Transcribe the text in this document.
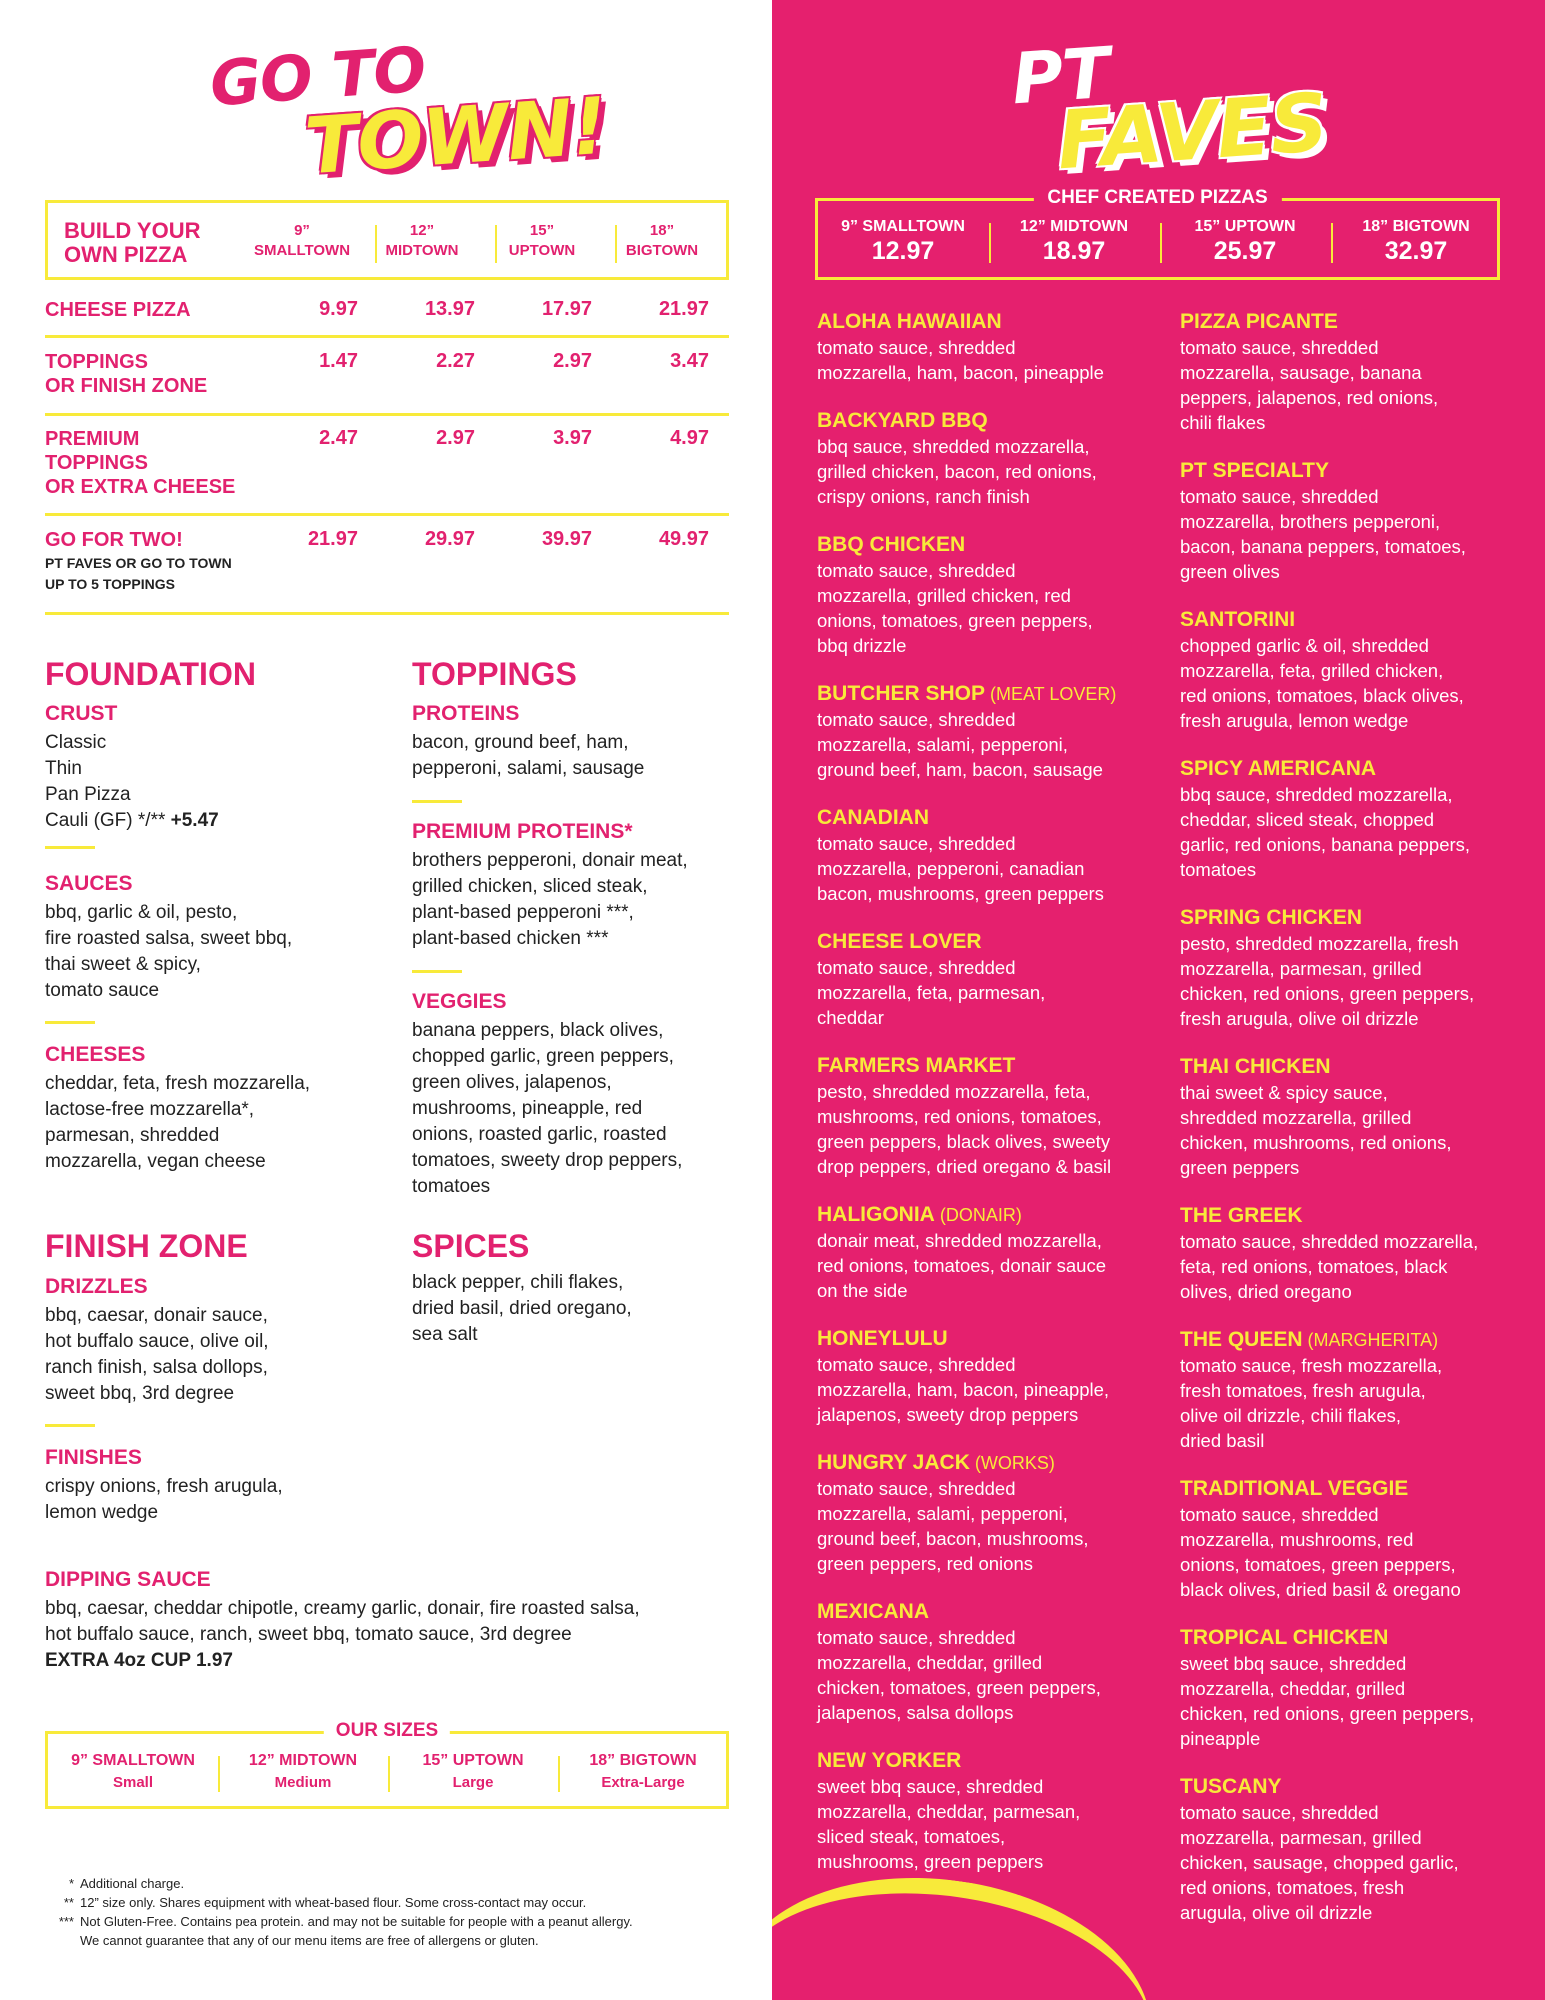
GO TO
TOWN!
BUILD YOUR
OWN PIZZA
9”
SMALLTOWN
12”
MIDTOWN
15”
UPTOWN
18”
BIGTOWN
CHEESE PIZZA	9.97	13.97	17.97	21.97
TOPPINGS
OR FINISH ZONE
1.47	2.27	2.97	3.47
PREMIUM
TOPPINGS
OR EXTRA CHEESE
2.47	2.97	3.97	4.97
GO FOR TWO!
PT FAVES OR GO TO TOWN
UP TO 5 TOPPINGS
21.97	29.97	39.97	49.97
FOUNDATION
CRUST
Classic
Thin
Pan Pizza
Cauli (GF) */** +5.47
SAUCES
bbq, garlic & oil, pesto,
fire roasted salsa, sweet bbq,
thai sweet & spicy,
tomato sauce
CHEESES
cheddar, feta, fresh mozzarella,
lactose-free mozzarella*,
parmesan, shredded
mozzarella, vegan cheese
TOPPINGS
PROTEINS
bacon, ground beef, ham,
pepperoni, salami, sausage
PREMIUM PROTEINS*
brothers pepperoni, donair meat,
grilled chicken, sliced steak,
plant-based pepperoni ***,
plant-based chicken ***
VEGGIES
banana peppers, black olives,
chopped garlic, green peppers,
green olives, jalapenos,
mushrooms, pineapple, red
onions, roasted garlic, roasted
tomatoes, sweety drop peppers,
tomatoes
FINISH ZONE
DRIZZLES
bbq, caesar, donair sauce,
hot buffalo sauce, olive oil,
ranch finish, salsa dollops,
sweet bbq, 3rd degree
FINISHES
crispy onions, fresh arugula,
lemon wedge
SPICES
black pepper, chili flakes,
dried basil, dried oregano,
sea salt
DIPPING SAUCE
bbq, caesar, cheddar chipotle, creamy garlic, donair, fire roasted salsa,
hot buffalo sauce, ranch, sweet bbq, tomato sauce, 3rd degree
EXTRA 4oz CUP 1.97
OUR SIZES
9” SMALLTOWN
Small
12” MIDTOWN
Medium
15” UPTOWN
Large
18” BIGTOWN
Extra-Large
* Additional charge.
** 12” size only. Shares equipment with wheat-based flour. Some cross-contact may occur.
*** Not Gluten-Free. Contains pea protein. and may not be suitable for people with a peanut allergy.
We cannot guarantee that any of our menu items are free of allergens or gluten.
PT
FAVES
CHEF CREATED PIZZAS
9” SMALLTOWN
12.97
12” MIDTOWN
18.97
15” UPTOWN
25.97
18” BIGTOWN
32.97
ALOHA HAWAIIAN
tomato sauce, shredded
mozzarella, ham, bacon, pineapple
BACKYARD BBQ
bbq sauce, shredded mozzarella,
grilled chicken, bacon, red onions,
crispy onions, ranch finish
BBQ CHICKEN
tomato sauce, shredded
mozzarella, grilled chicken, red
onions, tomatoes, green peppers,
bbq drizzle
BUTCHER SHOP (MEAT LOVER)
tomato sauce, shredded
mozzarella, salami, pepperoni,
ground beef, ham, bacon, sausage
CANADIAN
tomato sauce, shredded
mozzarella, pepperoni, canadian
bacon, mushrooms, green peppers
CHEESE LOVER
tomato sauce, shredded
mozzarella, feta, parmesan,
cheddar
FARMERS MARKET
pesto, shredded mozzarella, feta,
mushrooms, red onions, tomatoes,
green peppers, black olives, sweety
drop peppers, dried oregano & basil
HALIGONIA (DONAIR)
donair meat, shredded mozzarella,
red onions, tomatoes, donair sauce
on the side
HONEYLULU
tomato sauce, shredded
mozzarella, ham, bacon, pineapple,
jalapenos, sweety drop peppers
HUNGRY JACK (WORKS)
tomato sauce, shredded
mozzarella, salami, pepperoni,
ground beef, bacon, mushrooms,
green peppers, red onions
MEXICANA
tomato sauce, shredded
mozzarella, cheddar, grilled
chicken, tomatoes, green peppers,
jalapenos, salsa dollops
NEW YORKER
sweet bbq sauce, shredded
mozzarella, cheddar, parmesan,
sliced steak, tomatoes,
mushrooms, green peppers
PIZZA PICANTE
tomato sauce, shredded
mozzarella, sausage, banana
peppers, jalapenos, red onions,
chili flakes
PT SPECIALTY
tomato sauce, shredded
mozzarella, brothers pepperoni,
bacon, banana peppers, tomatoes,
green olives
SANTORINI
chopped garlic & oil, shredded
mozzarella, feta, grilled chicken,
red onions, tomatoes, black olives,
fresh arugula, lemon wedge
SPICY AMERICANA
bbq sauce, shredded mozzarella,
cheddar, sliced steak, chopped
garlic, red onions, banana peppers,
tomatoes
SPRING CHICKEN
pesto, shredded mozzarella, fresh
mozzarella, parmesan, grilled
chicken, red onions, green peppers,
fresh arugula, olive oil drizzle
THAI CHICKEN
thai sweet & spicy sauce,
shredded mozzarella, grilled
chicken, mushrooms, red onions,
green peppers
THE GREEK
tomato sauce, shredded mozzarella,
feta, red onions, tomatoes, black
olives, dried oregano
THE QUEEN (MARGHERITA)
tomato sauce, fresh mozzarella,
fresh tomatoes, fresh arugula,
olive oil drizzle, chili flakes,
dried basil
TRADITIONAL VEGGIE
tomato sauce, shredded
mozzarella, mushrooms, red
onions, tomatoes, green peppers,
black olives, dried basil & oregano
TROPICAL CHICKEN
sweet bbq sauce, shredded
mozzarella, cheddar, grilled
chicken, red onions, green peppers,
pineapple
TUSCANY
tomato sauce, shredded
mozzarella, parmesan, grilled
chicken, sausage, chopped garlic,
red onions, tomatoes, fresh
arugula, olive oil drizzle
